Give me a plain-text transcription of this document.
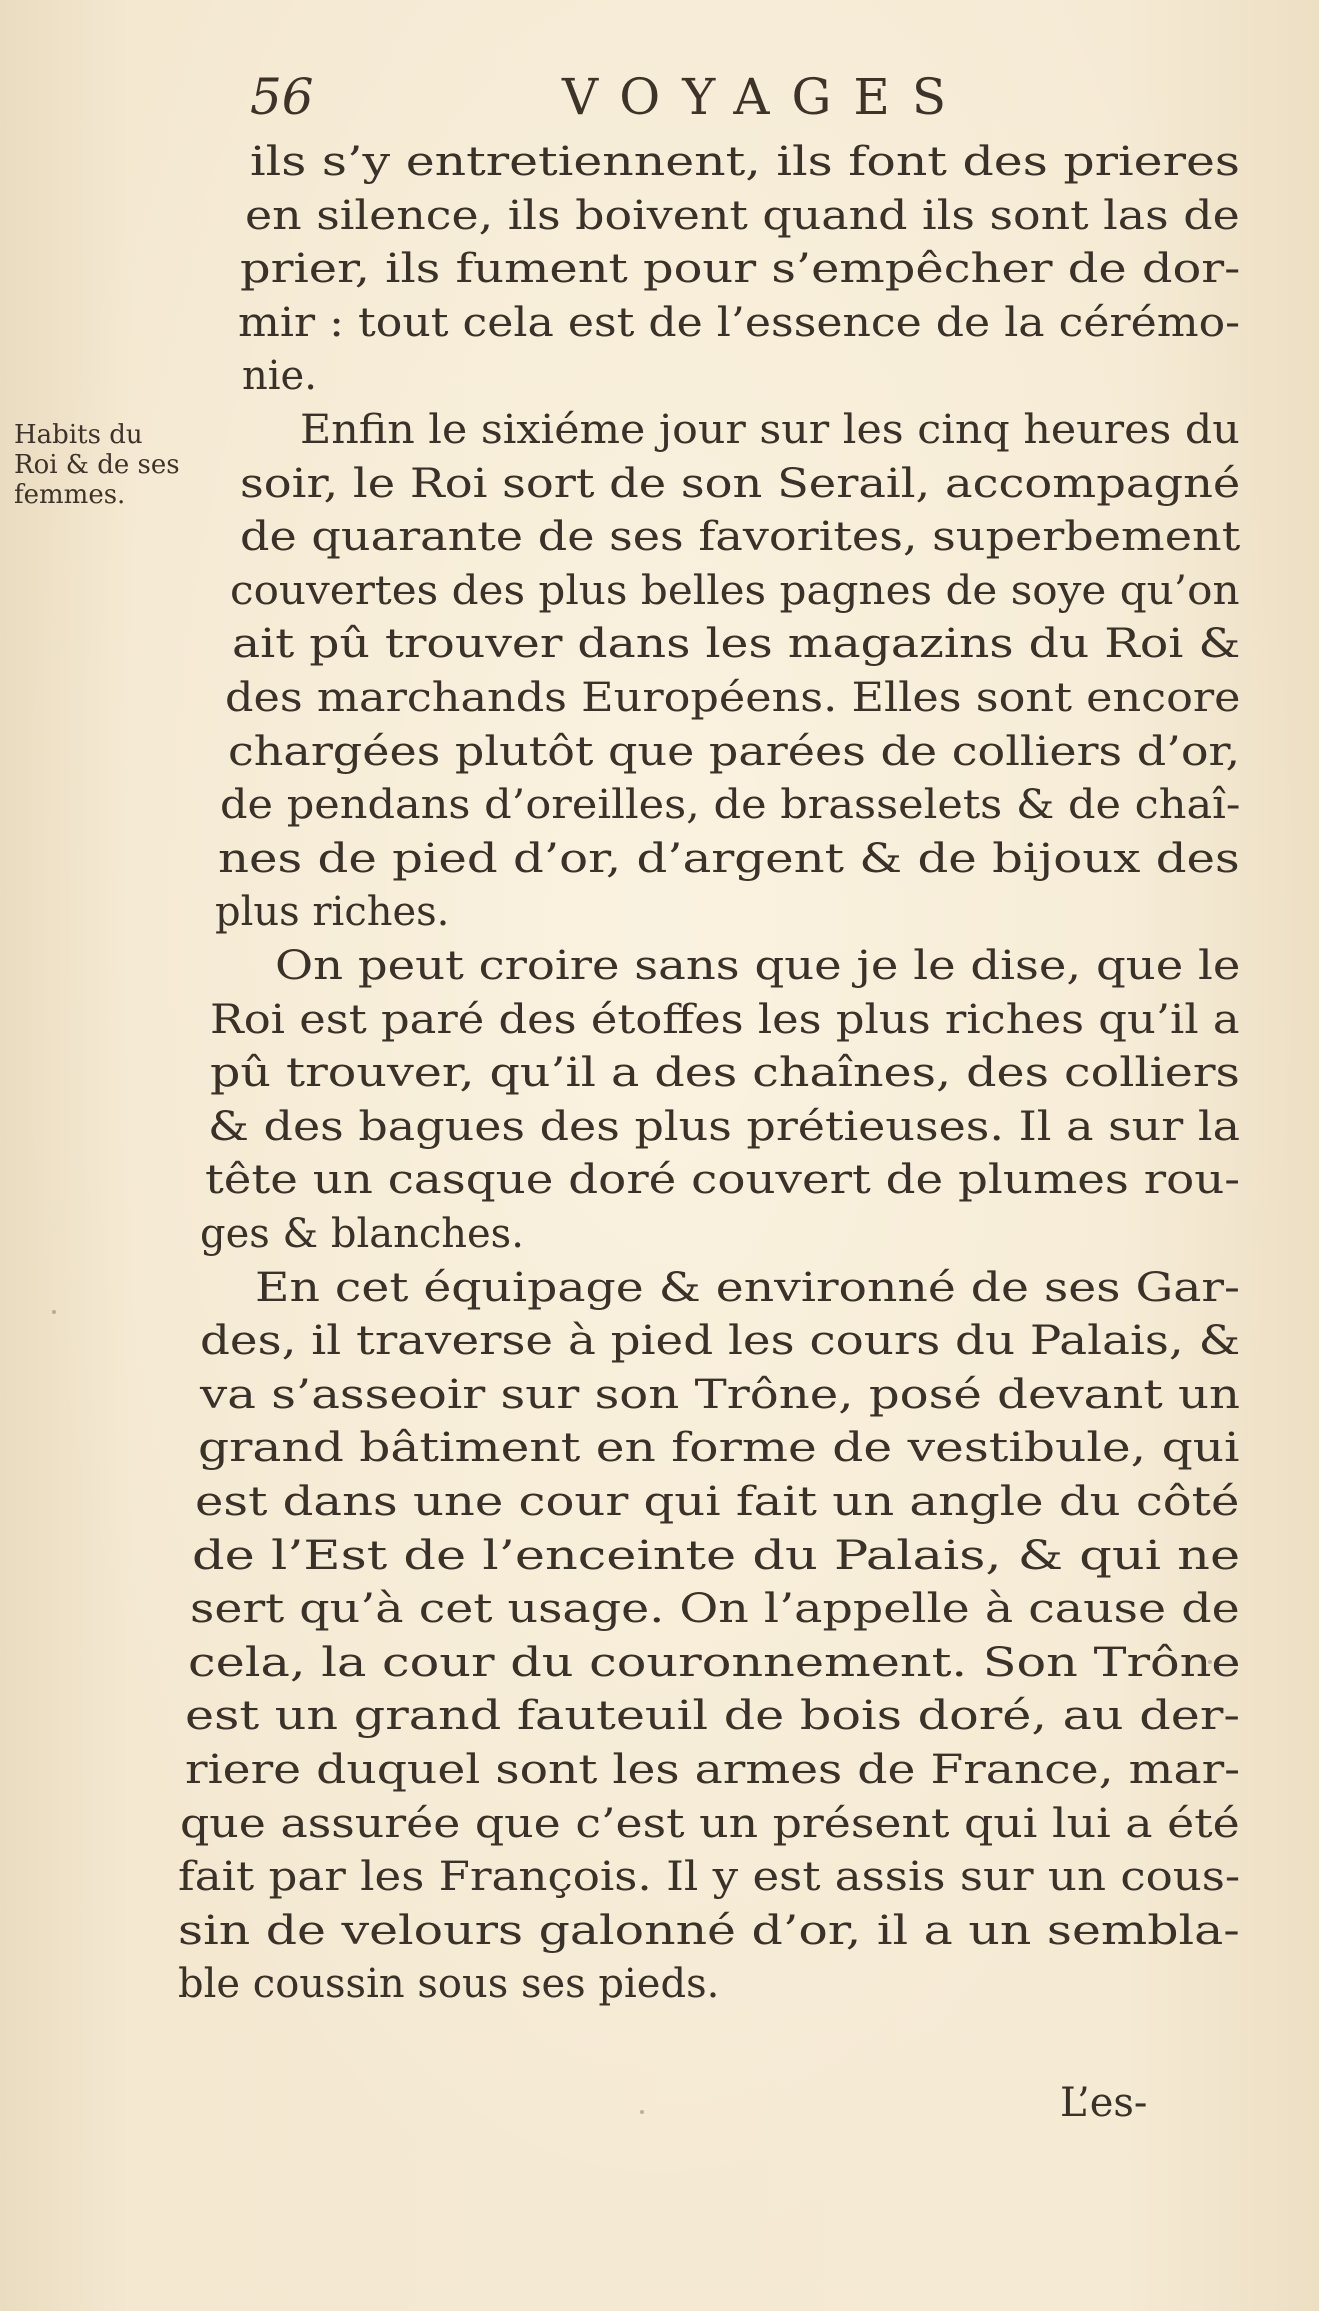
56	VOYAGES
Habits du
Roi & de ses
femmes.
ils s’y entretiennent, ils font des prieres
en silence, ils boivent quand ils sont las de
prier, ils fument pour s’empêcher de dor-
mir : tout cela est de l’essence de la cérémo-
nie.
Enfin le sixiéme jour sur les cinq heures du
soir, le Roi sort de son Serail, accompagné
de quarante de ses favorites, superbement
couvertes des plus belles pagnes de soye qu’on
ait pû trouver dans les magazins du Roi &
des marchands Européens. Elles sont encore
chargées plutôt que parées de colliers d’or,
de pendans d’oreilles, de brasselets & de chaî-
nes de pied d’or, d’argent & de bijoux des
plus riches.
On peut croire sans que je le dise, que le
Roi est paré des étoffes les plus riches qu’il a
pû trouver, qu’il a des chaînes, des colliers
& des bagues des plus prétieuses. Il a sur la
tête un casque doré couvert de plumes rou-
ges & blanches.
En cet équipage & environné de ses Gar-
des, il traverse à pied les cours du Palais, &
va s’asseoir sur son Trône, posé devant un
grand bâtiment en forme de vestibule, qui
est dans une cour qui fait un angle du côté
de l’Est de l’enceinte du Palais, & qui ne
sert qu’à cet usage. On l’appelle à cause de
cela, la cour du couronnement. Son Trône
est un grand fauteuil de bois doré, au der-
riere duquel sont les armes de France, mar-
que assurée que c’est un présent qui lui a été
fait par les François. Il y est assis sur un cous-
sin de velours galonné d’or, il a un sembla-
ble coussin sous ses pieds.
L’es-
